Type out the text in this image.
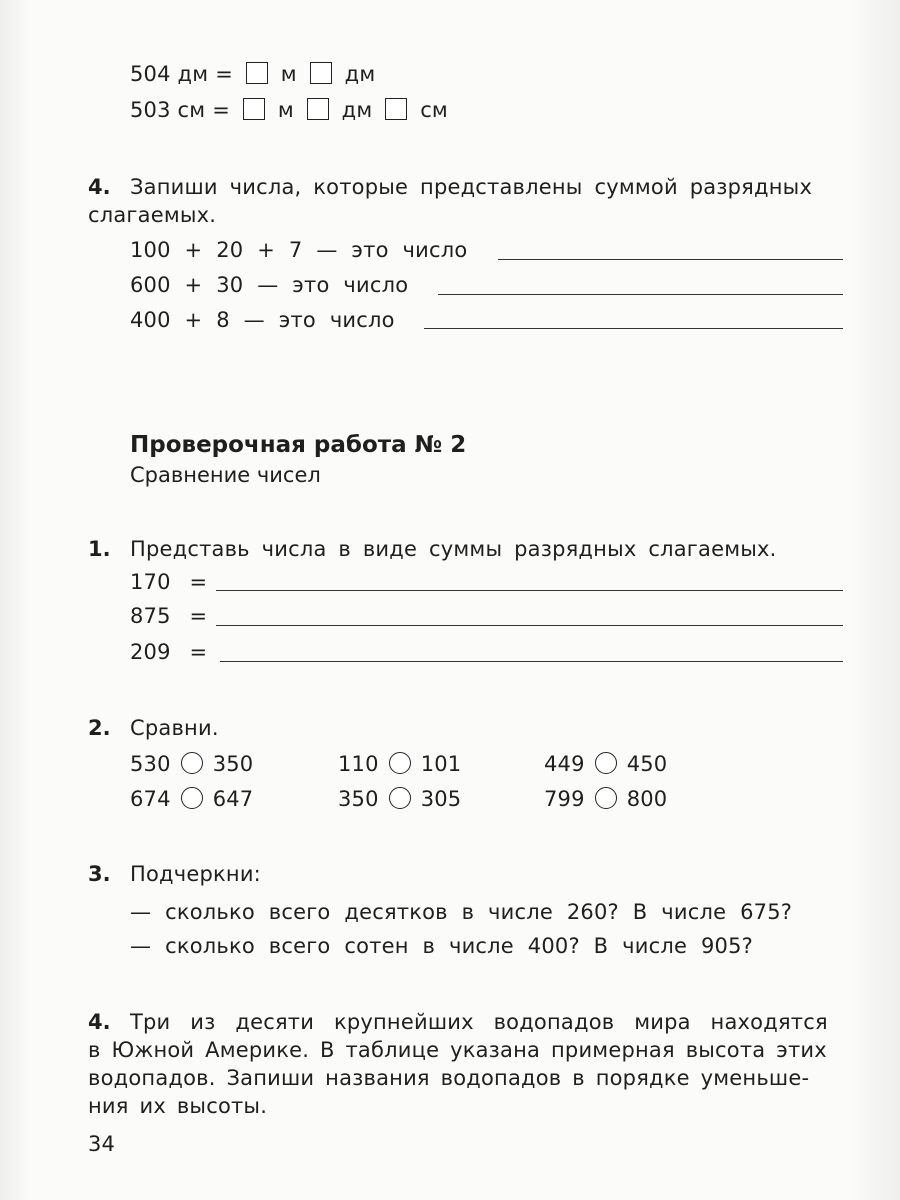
504 дм = м дм
503 см = м дм см
4. Запиши числа, которые представлены суммой разрядных
слагаемых.
100 + 20 + 7 — это число
600 + 30 — это число
400 + 8 — это число
Проверочная работа № 2
Сравнение чисел
1. Представь числа в виде суммы разрядных слагаемых.
170 =
875 =
209 =
2. Сравни.
530 350	110 101	449 450
674 647	350 305	799 800
3. Подчеркни:
— сколько всего десятков в числе 260? В числе 675?
— сколько всего сотен в числе 400? В числе 905?
4. Три из десяти крупнейших водопадов мира находятся
в Южной Америке. В таблице указана примерная высота этих
водопадов. Запиши названия водопадов в порядке уменьше-
ния их высоты.
34
